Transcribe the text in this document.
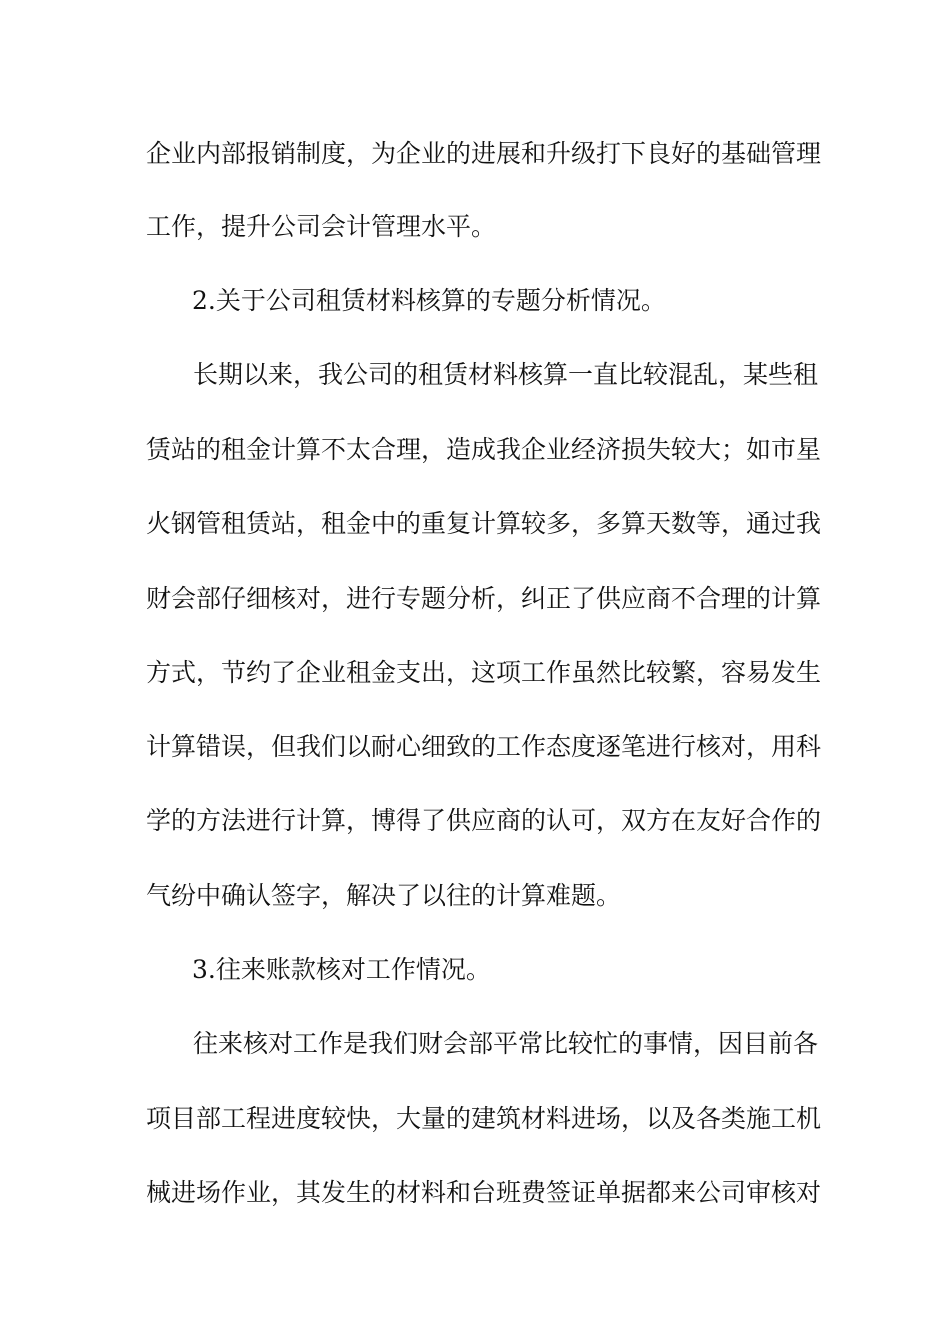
企业内部报销制度，为企业的进展和升级打下良好的基础管理
工作，提升公司会计管理水平。
2.关于公司租赁材料核算的专题分析情况。
长期以来，我公司的租赁材料核算一直比较混乱，某些租
赁站的租金计算不太合理，造成我企业经济损失较大；如市星
火钢管租赁站，租金中的重复计算较多，多算天数等，通过我
财会部仔细核对，进行专题分析，纠正了供应商不合理的计算
方式，节约了企业租金支出，这项工作虽然比较繁，容易发生
计算错误，但我们以耐心细致的工作态度逐笔进行核对，用科
学的方法进行计算，博得了供应商的认可，双方在友好合作的
气纷中确认签字，解决了以往的计算难题。
3.往来账款核对工作情况。
往来核对工作是我们财会部平常比较忙的事情，因目前各
项目部工程进度较快，大量的建筑材料进场，以及各类施工机
械进场作业，其发生的材料和台班费签证单据都来公司审核对
